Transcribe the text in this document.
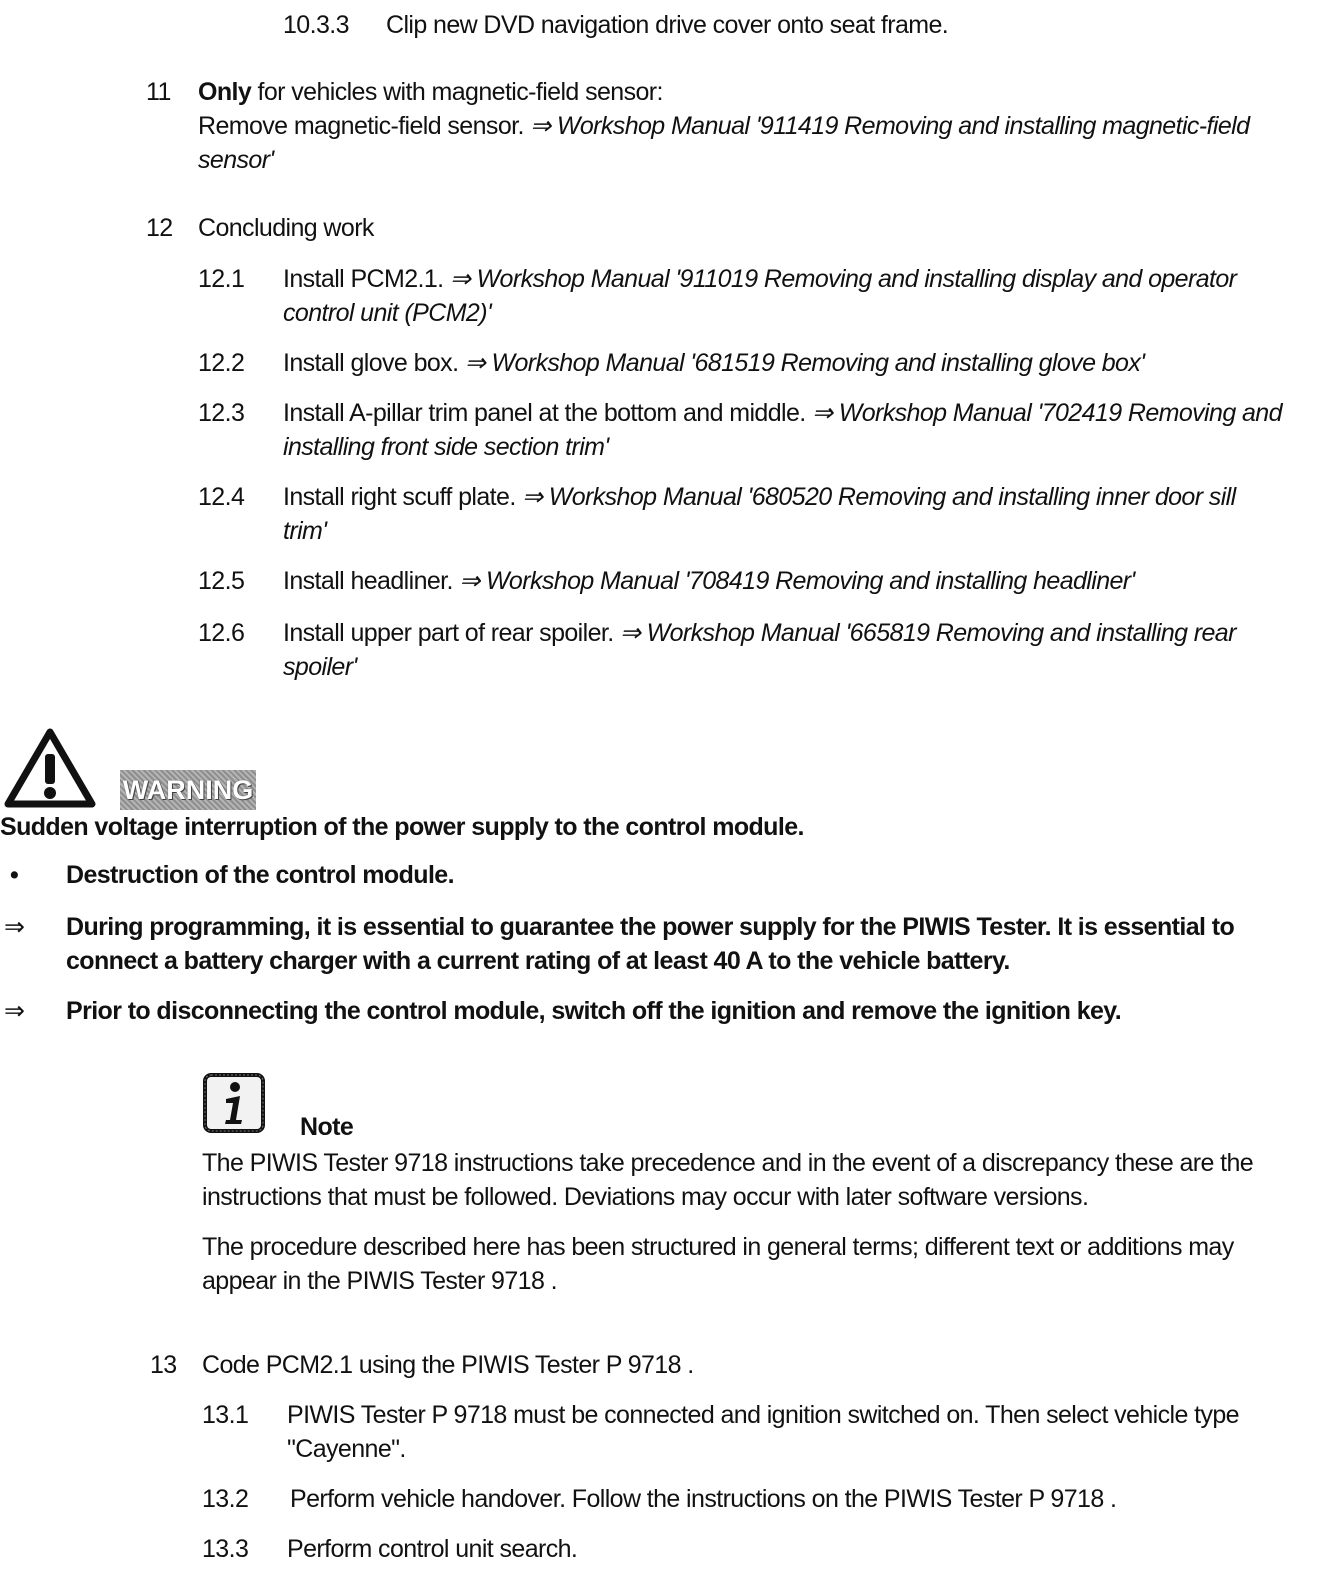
10.3.3 Clip new DVD navigation drive cover onto seat frame.
11 Only for vehicles with magnetic-field sensor:
Remove magnetic-field sensor. ⇒ Workshop Manual '911419 Removing and installing magnetic-field sensor'
12 Concluding work
12.1 Install PCM2.1. ⇒ Workshop Manual '911019 Removing and installing display and operator control unit (PCM2)'
12.2 Install glove box. ⇒ Workshop Manual '681519 Removing and installing glove box'
12.3 Install A-pillar trim panel at the bottom and middle. ⇒ Workshop Manual '702419 Removing and installing front side section trim'
12.4 Install right scuff plate. ⇒ Workshop Manual '680520 Removing and installing inner door sill trim'
12.5 Install headliner. ⇒ Workshop Manual '708419 Removing and installing headliner'
12.6 Install upper part of rear spoiler. ⇒ Workshop Manual '665819 Removing and installing rear spoiler'
WARNING
Sudden voltage interruption of the power supply to the control module.
• Destruction of the control module.
⇒ During programming, it is essential to guarantee the power supply for the PIWIS Tester. It is essential to connect a battery charger with a current rating of at least 40 A to the vehicle battery.
⇒ Prior to disconnecting the control module, switch off the ignition and remove the ignition key.
Note
The PIWIS Tester 9718 instructions take precedence and in the event of a discrepancy these are the instructions that must be followed. Deviations may occur with later software versions.
The procedure described here has been structured in general terms; different text or additions may appear in the PIWIS Tester 9718 .
13 Code PCM2.1 using the PIWIS Tester P 9718 .
13.1 PIWIS Tester P 9718 must be connected and ignition switched on. Then select vehicle type "Cayenne".
13.2 Perform vehicle handover. Follow the instructions on the PIWIS Tester P 9718 .
13.3 Perform control unit search.
